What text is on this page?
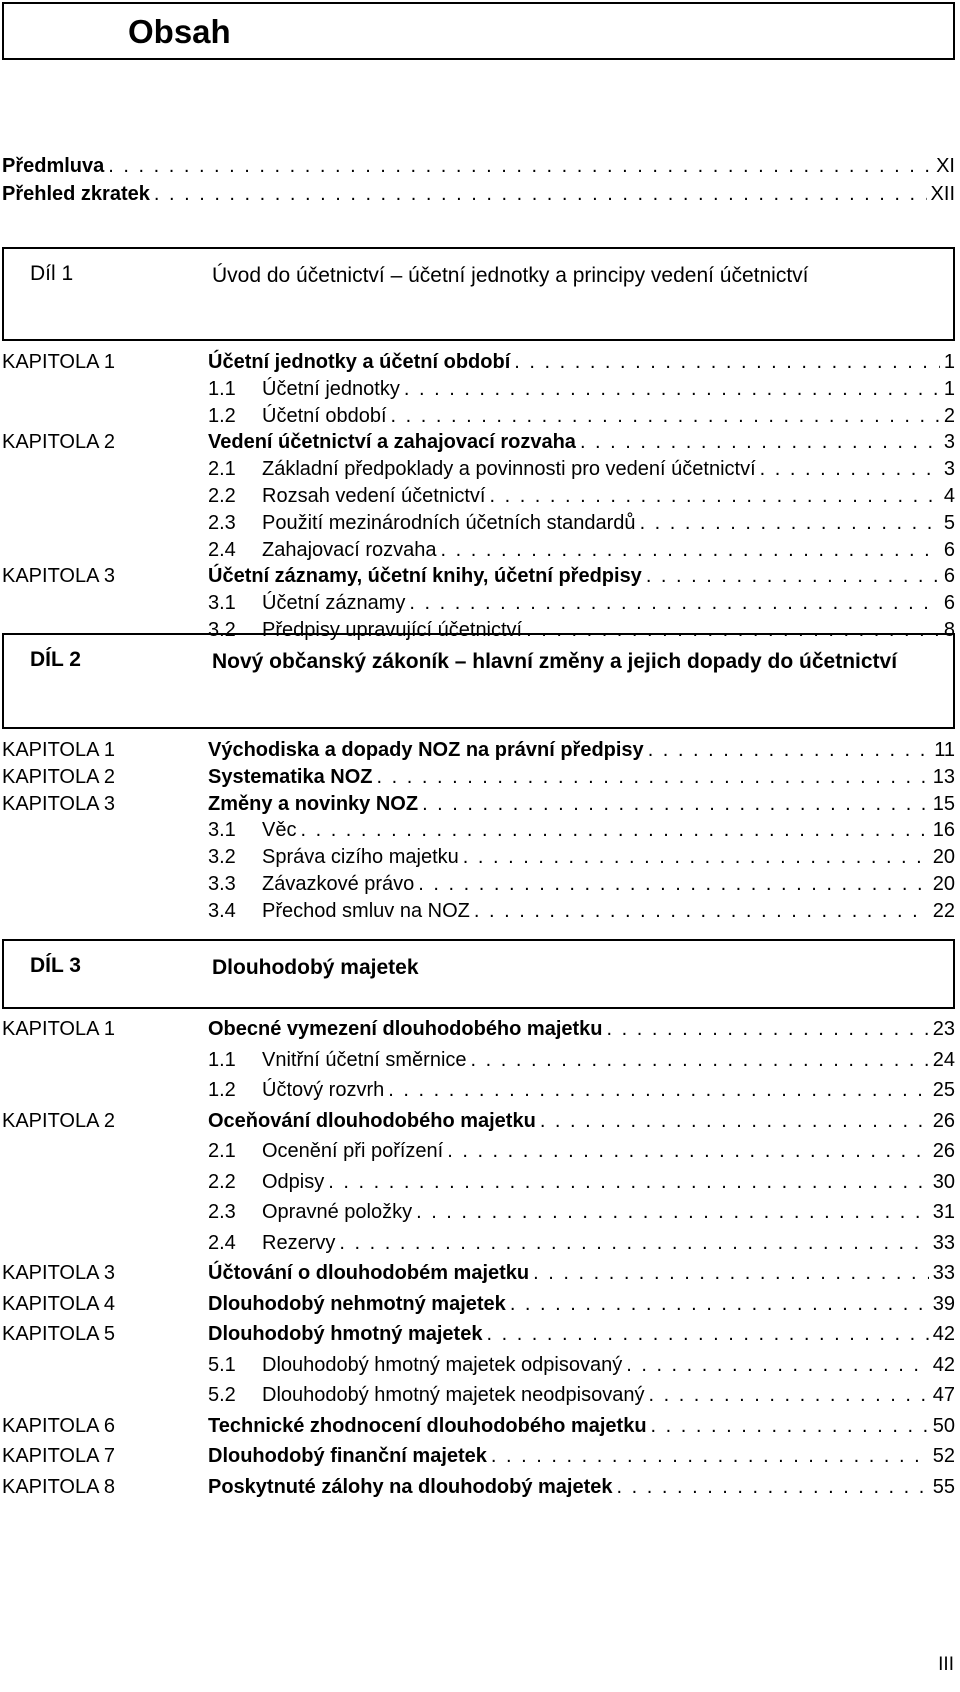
Obsah
Předmluva . . .	XI
Přehled zkratek . . .	XII
Díl 1	Úvod do účetnictví – účetní jednotky a principy vedení účetnictví
KAPITOLA 1	Účetní jednotky a účetní období . . .	1
1.1	Účetní jednotky . . .	1
1.2	Účetní období . . .	2
KAPITOLA 2	Vedení účetnictví a zahajovací rozvaha . . .	3
2.1	Základní předpoklady a povinnosti pro vedení účetnictví . . .	3
2.2	Rozsah vedení účetnictví . . .	4
2.3	Použití mezinárodních účetních standardů . . .	5
2.4	Zahajovací rozvaha . . .	6
KAPITOLA 3	Účetní záznamy, účetní knihy, účetní předpisy . . .	6
3.1	Účetní záznamy . . .	6
3.2	Předpisy upravující účetnictví . . .	8
DÍL 2	Nový občanský zákoník – hlavní změny a jejich dopady do účetnictví
KAPITOLA 1	Východiska a dopady NOZ na právní předpisy . . .	11
KAPITOLA 2	Systematika NOZ . . .	13
KAPITOLA 3	Změny a novinky NOZ . . .	15
3.1	Věc . . .	16
3.2	Správa cizího majetku . . .	20
3.3	Závazkové právo . . .	20
3.4	Přechod smluv na NOZ . . .	22
DÍL 3	Dlouhodobý majetek
KAPITOLA 1	Obecné vymezení dlouhodobého majetku . . .	23
1.1	Vnitřní účetní směrnice . . .	24
1.2	Účtový rozvrh . . .	25
KAPITOLA 2	Oceňování dlouhodobého majetku . . .	26
2.1	Ocenění při pořízení . . .	26
2.2	Odpisy . . .	30
2.3	Opravné položky . . .	31
2.4	Rezervy . . .	33
KAPITOLA 3	Účtování o dlouhodobém majetku . . .	33
KAPITOLA 4	Dlouhodobý nehmotný majetek . . .	39
KAPITOLA 5	Dlouhodobý hmotný majetek . . .	42
5.1	Dlouhodobý hmotný majetek odpisovaný . . .	42
5.2	Dlouhodobý hmotný majetek neodpisovaný . . .	47
KAPITOLA 6	Technické zhodnocení dlouhodobého majetku . . .	50
KAPITOLA 7	Dlouhodobý finanční majetek . . .	52
KAPITOLA 8	Poskytnuté zálohy na dlouhodobý majetek . . .	55
III
